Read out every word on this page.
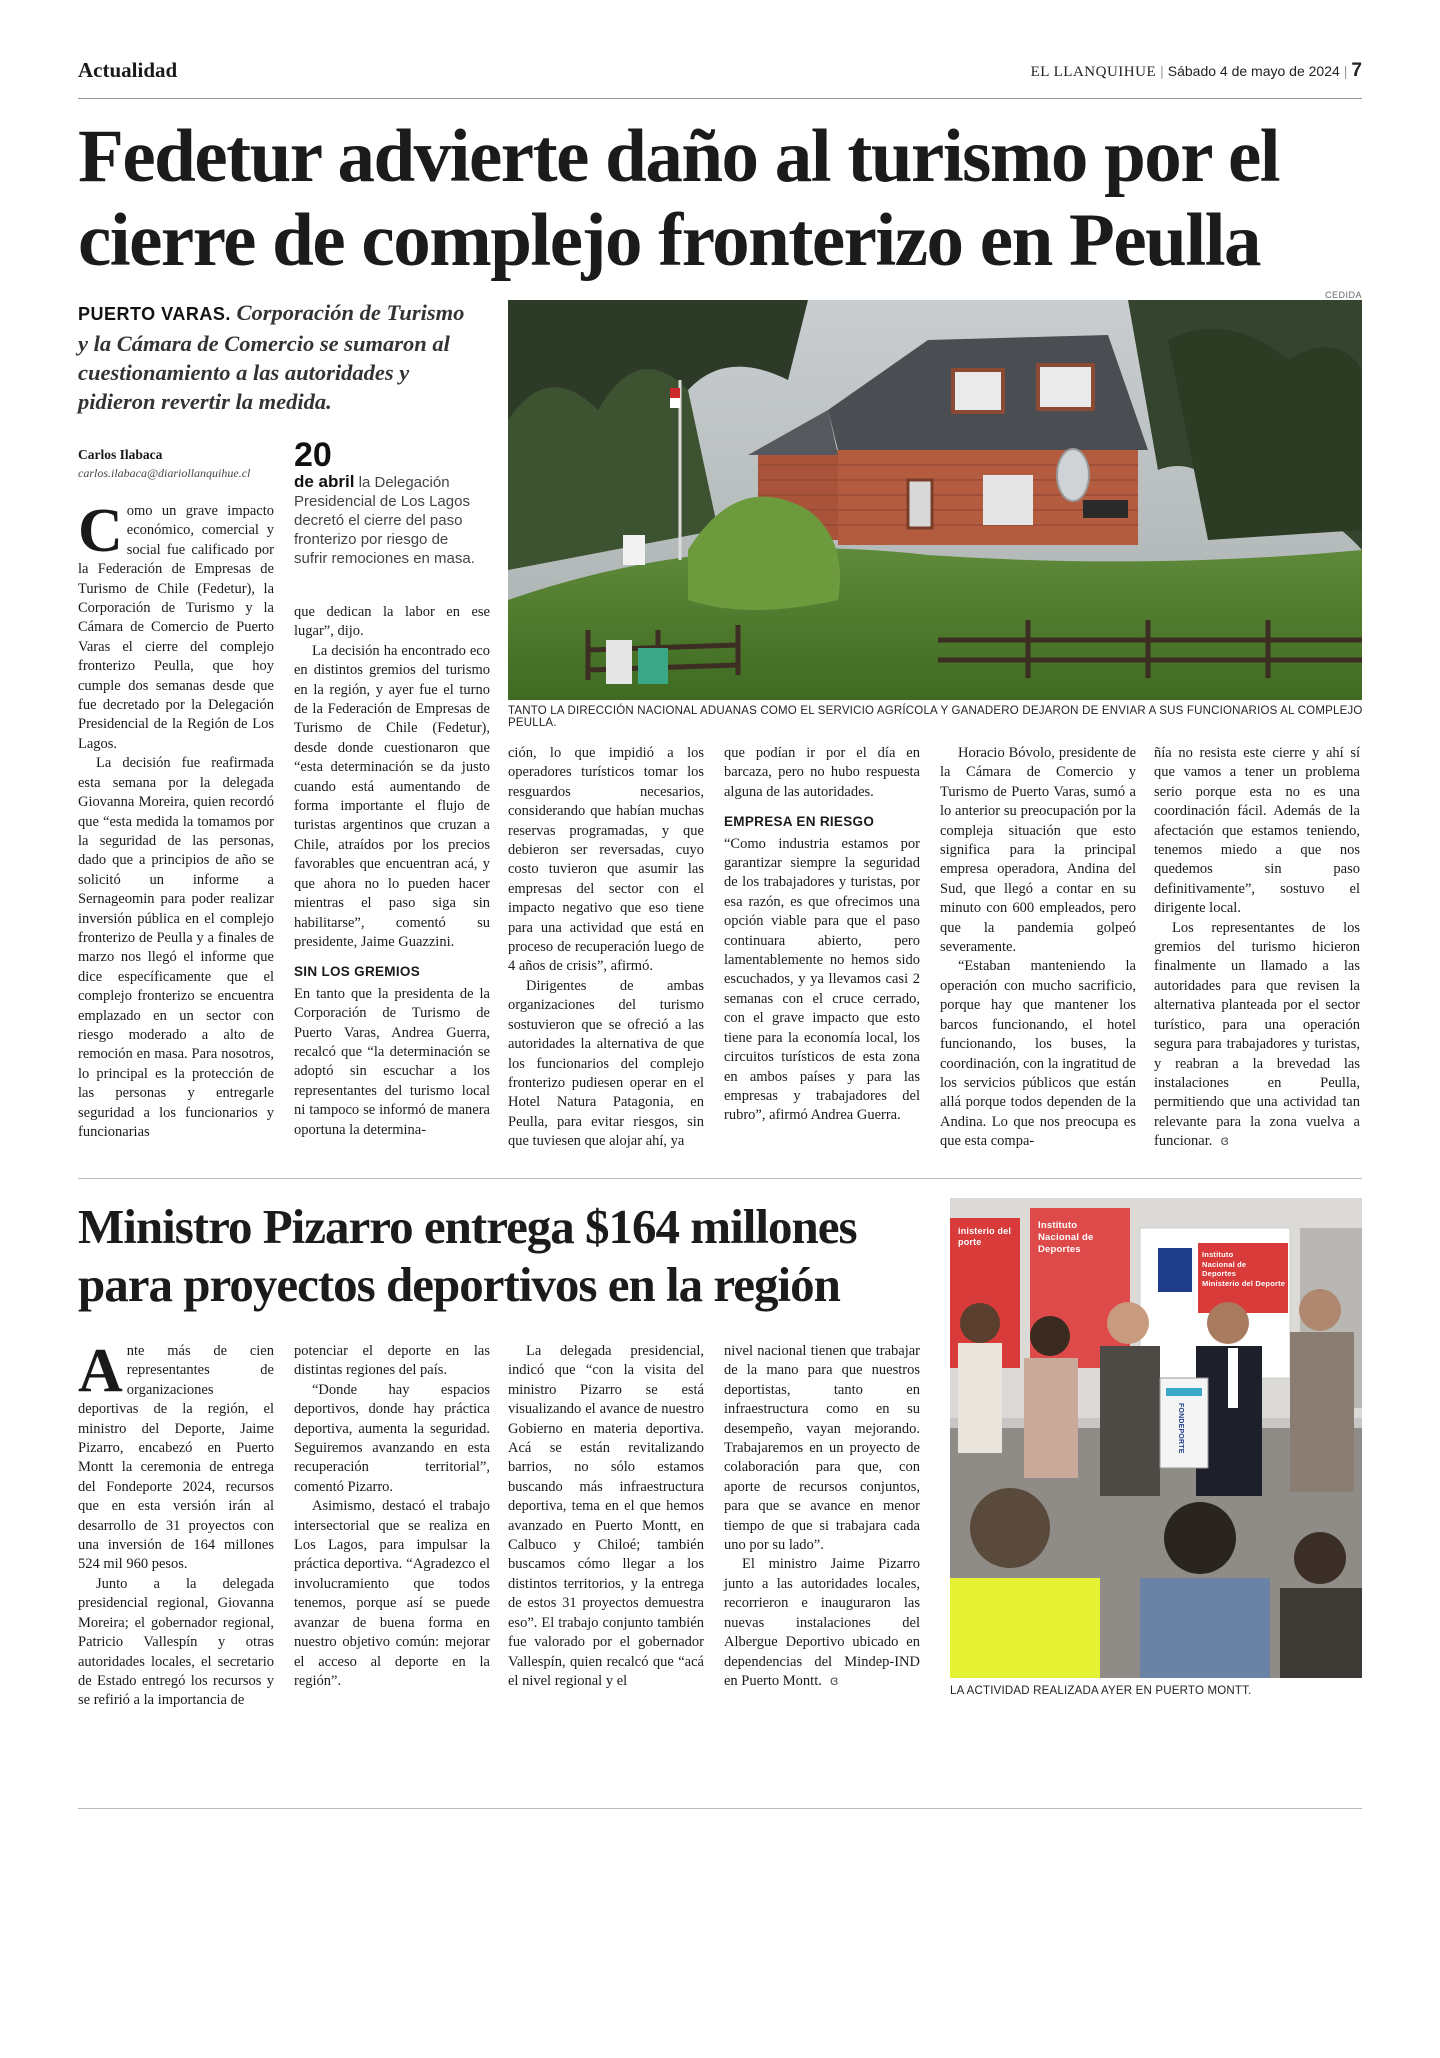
Actualidad	EL LLANQUIHUE | Sábado 4 de mayo de 2024 | 7
Fedetur advierte daño al turismo por el
cierre de complejo fronterizo en Peulla
PUERTO VARAS. Corporación de Turismo y la Cámara de Comercio se sumaron al cuestionamiento a las autoridades y pidieron revertir la medida.
Carlos Ilabaca
carlos.ilabaca@diariollanquihue.cl	20
de abril la Delegación Presidencial de Los Lagos decretó el cierre del paso fronterizo por riesgo de sufrir remociones en masa.
CEDIDA
TANTO LA DIRECCIÓN NACIONAL ADUANAS COMO EL SERVICIO AGRÍCOLA Y GANADERO DEJARON DE ENVIAR A SUS FUNCIONARIOS AL COMPLEJO PEULLA.

Como un grave impacto económico, comercial y social fue calificado por la Federación de Empresas de Turismo de Chile (Fedetur), la Corporación de Turismo y la Cámara de Comercio de Puerto Varas el cierre del complejo fronterizo Peulla, que hoy cumple dos semanas desde que fue decretado por la Delegación Presidencial de la Región de Los Lagos.

La decisión fue reafirmada esta semana por la delegada Giovanna Moreira, quien recordó que “esta medida la tomamos por la seguridad de las personas, dado que a principios de año se solicitó un informe a Sernageomin para poder realizar inversión pública en el complejo fronterizo de Peulla y a finales de marzo nos llegó el informe que dice específicamente que el complejo fronterizo se encuentra emplazado en un sector con riesgo moderado a alto de remoción en masa. Para nosotros, lo principal es la protección de las personas y entregarle seguridad a los funcionarios y funcionarias

que dedican la labor en ese lugar”, dijo.

La decisión ha encontrado eco en distintos gremios del turismo en la región, y ayer fue el turno de la Federación de Empresas de Turismo de Chile (Fedetur), desde donde cuestionaron que “esta determinación se da justo cuando está aumentando de forma importante el flujo de turistas argentinos que cruzan a Chile, atraídos por los precios favorables que encuentran acá, y que ahora no lo pueden hacer mientras el paso siga sin habilitarse”, comentó su presidente, Jaime Guazzini.

SIN LOS GREMIOS

En tanto que la presidenta de la Corporación de Turismo de Puerto Varas, Andrea Guerra, recalcó que “la determinación se adoptó sin escuchar a los representantes del turismo local ni tampoco se informó de manera oportuna la determina-

ción, lo que impidió a los operadores turísticos tomar los resguardos necesarios, considerando que habían muchas reservas programadas, y que debieron ser reversadas, cuyo costo tuvieron que asumir las empresas del sector con el impacto negativo que eso tiene para una actividad que está en proceso de recuperación luego de 4 años de crisis”, afirmó.

Dirigentes de ambas organizaciones del turismo sostuvieron que se ofreció a las autoridades la alternativa de que los funcionarios del complejo fronterizo pudiesen operar en el Hotel Natura Patagonia, en Peulla, para evitar riesgos, sin que tuviesen que alojar ahí, ya

que podían ir por el día en barcaza, pero no hubo respuesta alguna de las autoridades.

EMPRESA EN RIESGO

“Como industria estamos por garantizar siempre la seguridad de los trabajadores y turistas, por esa razón, es que ofrecimos una opción viable para que el paso continuara abierto, pero lamentablemente no hemos sido escuchados, y ya llevamos casi 2 semanas con el cruce cerrado, con el grave impacto que esto tiene para la economía local, los circuitos turísticos de esta zona en ambos países y para las empresas y trabajadores del rubro”, afirmó Andrea Guerra.

Horacio Bóvolo, presidente de la Cámara de Comercio y Turismo de Puerto Varas, sumó a lo anterior su preocupación por la compleja situación que esto significa para la principal empresa operadora, Andina del Sud, que llegó a contar en su minuto con 600 empleados, pero que la pandemia golpeó severamente.

“Estaban manteniendo la operación con mucho sacrificio, porque hay que mantener los barcos funcionando, el hotel funcionando, los buses, la coordinación, con la ingratitud de los servicios públicos que están allá porque todos dependen de la Andina. Lo que nos preocupa es que esta compa-

ñía no resista este cierre y ahí sí que vamos a tener un problema serio porque esta no es una coordinación fácil. Además de la afectación que estamos teniendo, tenemos miedo a que nos quedemos sin paso definitivamente”, sostuvo el dirigente local.

Los representantes de los gremios del turismo hicieron finalmente un llamado a las autoridades para que revisen la alternativa planteada por el sector turístico, para una operación segura para trabajadores y turistas, y reabran a la brevedad las instalaciones en Peulla, permitiendo que una actividad tan relevante para la zona vuelva a funcionar. ɞ

Ministro Pizarro entrega $164 millones
para proyectos deportivos en la región

Ante más de cien representantes de organizaciones deportivas de la región, el ministro del Deporte, Jaime Pizarro, encabezó en Puerto Montt la ceremonia de entrega del Fondeporte 2024, recursos que en esta versión irán al desarrollo de 31 proyectos con una inversión de 164 millones 524 mil 960 pesos.

Junto a la delegada presidencial regional, Giovanna Moreira; el gobernador regional, Patricio Vallespín y otras autoridades locales, el secretario de Estado entregó los recursos y se refirió a la importancia de

potenciar el deporte en las distintas regiones del país.

“Donde hay espacios deportivos, donde hay práctica deportiva, aumenta la seguridad. Seguiremos avanzando en esta recuperación territorial”, comentó Pizarro.

Asimismo, destacó el trabajo intersectorial que se realiza en Los Lagos, para impulsar la práctica deportiva. “Agradezco el involucramiento que todos tenemos, porque así se puede avanzar de buena forma en nuestro objetivo común: mejorar el acceso al deporte en la región”.

La delegada presidencial, indicó que “con la visita del ministro Pizarro se está visualizando el avance de nuestro Gobierno en materia deportiva. Acá se están revitalizando barrios, no sólo estamos buscando más infraestructura deportiva, tema en el que hemos avanzado en Puerto Montt, en Calbuco y Chiloé; también buscamos cómo llegar a los distintos territorios, y la entrega de estos 31 proyectos demuestra eso”. El trabajo conjunto también fue valorado por el gobernador Vallespín, quien recalcó que “acá el nivel regional y el

nivel nacional tienen que trabajar de la mano para que nuestros deportistas, tanto en infraestructura como en su desempeño, vayan mejorando. Trabajaremos en un proyecto de colaboración para que, con aporte de recursos conjuntos, para que se avance en menor tiempo de que si trabajara cada uno por su lado”.

El ministro Jaime Pizarro junto a las autoridades locales, recorrieron e inauguraron las nuevas instalaciones del Albergue Deportivo ubicado en dependencias del Mindep-IND en Puerto Montt. ɞ

inisterio del
porte
Instituto
Nacional de
Deportes	Instituto
Nacional de
Deportes
Ministerio del Deporte
FONDEPORTE
LA ACTIVIDAD REALIZADA AYER EN PUERTO MONTT.
